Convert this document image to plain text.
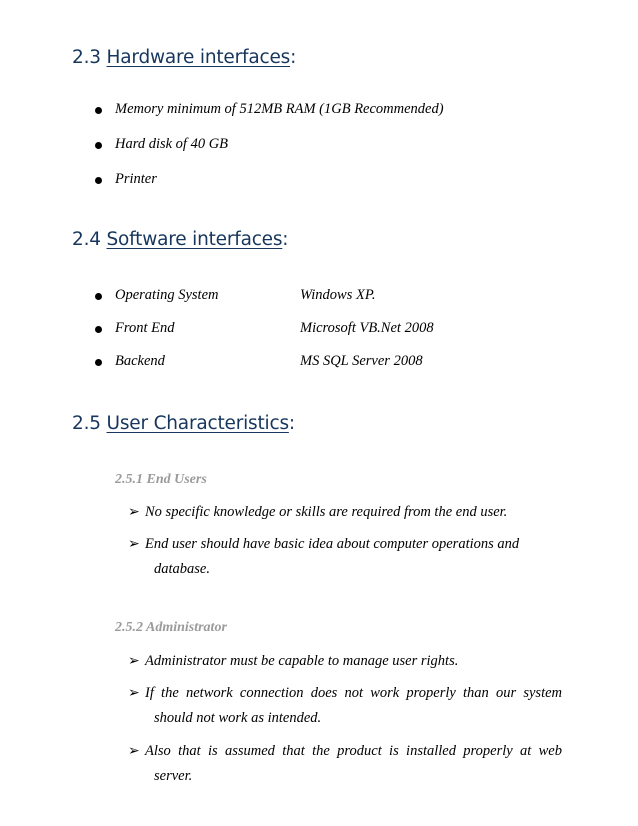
2.3 Hardware interfaces:
Memory minimum of 512MB RAM (1GB Recommended)
Hard disk of 40 GB
Printer
2.4 Software interfaces:
Operating System	Windows XP.
Front End	Microsoft VB.Net 2008
Backend	MS SQL Server 2008
2.5 User Characteristics:
2.5.1 End Users
➢ No specific knowledge or skills are required from the end user.
➢ End user should have basic idea about computer operations and
database.
2.5.2 Administrator
➢ Administrator must be capable to manage user rights.
➢ If the network connection does not work properly than our system
should not work as intended.
➢ Also that is assumed that the product is installed properly at web
server.
